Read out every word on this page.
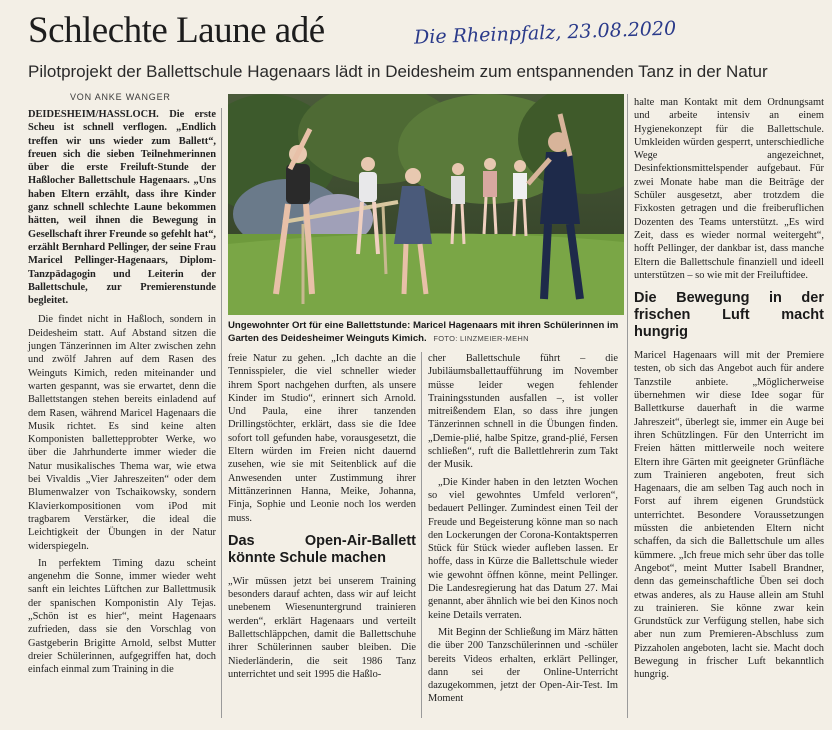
Schlechte Laune adé	Die Rheinpfalz, 23.08.2020
Pilotprojekt der Ballettschule Hagenaars lädt in Deidesheim zum entspannenden Tanz in der Natur
VON ANKE WANGER

DEIDESHEIM/HASSLOCH. Die erste Scheu ist schnell verflogen. „Endlich treffen wir uns wieder zum Ballett“, freuen sich die sieben Teilnehmerinnen über die erste Freiluft-Stunde der Haßlocher Ballettschule Hagenaars. „Uns haben Eltern erzählt, dass ihre Kinder ganz schnell schlechte Laune bekommen hätten, weil ihnen die Bewegung in Gesellschaft ihrer Freunde so gefehlt hat“, erzählt Bernhard Pellinger, der seine Frau Maricel Pellinger-Hagenaars, Diplom-Tanzpädagogin und Leiterin der Ballettschule, zur Premierenstunde begleitet.

Die findet nicht in Haßloch, sondern in Deidesheim statt. Auf Abstand sitzen die jungen Tänzerinnen im Alter zwischen zehn und zwölf Jahren auf dem Rasen des Weinguts Kimich, reden miteinander und warten gespannt, was sie erwartet, denn die Ballettstangen stehen bereits einladend auf dem Rasen, während Maricel Hagenaars die Musik richtet. Es sind keine alten Komponisten ballettерprobter Werke, wo über die Jahrhunderte immer wieder die Natur musikalisches Thema war, wie etwa bei Vivaldis „Vier Jahreszeiten“ oder dem Blumenwalzer von Tschaikowsky, sondern Klavierkompositionen vom iPod mit tragbarem Verstärker, die ideal die Leichtigkeit der Übungen in der Natur widerspiegeln.

In perfektem Timing dazu scheint angenehm die Sonne, immer wieder weht sanft ein leichtes Lüftchen zur Ballettmusik der spanischen Komponistin Aly Tejas. „Schön ist es hier“, meint Hagenaars zufrieden, dass sie den Vorschlag von Gastgeberin Brigitte Arnold, selbst Mutter dreier Schülerinnen, aufgegriffen hat, doch einfach einmal zum Training in die

Ungewohnter Ort für eine Ballettstunde: Maricel Hagenaars mit ihren Schülerinnen im Garten des Deidesheimer Weinguts Kimich. FOTO: LINZMEIER-MEHN

freie Natur zu gehen. „Ich dachte an die Tennisspieler, die viel schneller wieder ihrem Sport nachgehen durften, als unsere Kinder im Studio“, erinnert sich Arnold. Und Paula, eine ihrer tanzenden Drillingstöchter, erklärt, dass sie die Idee sofort toll gefunden habe, vorausgesetzt, die Eltern würden im Freien nicht dauernd zusehen, wie sie mit Seitenblick auf die Anwesenden unter Zustimmung ihrer Mittänzerinnen Hanna, Meike, Johanna, Finja, Sophie und Leonie noch los werden muss.

Das Open-Air-Ballett könnte Schule machen

„Wir müssen jetzt bei unserem Training besonders darauf achten, dass wir auf leicht unebenem Wiesenuntergrund trainieren werden“, erklärt Hagenaars und verteilt Ballettschläppchen, damit die Ballettschuhe ihrer Schülerinnen sauber bleiben. Die Niederländerin, die seit 1986 Tanz unterrichtet und seit 1995 die Haßlo-

cher Ballettschule führt – die Jubiläumsballettaufführung im November müsse leider wegen fehlender Trainingsstunden ausfallen –, ist voller mitreißendem Elan, so dass ihre jungen Tänzerinnen schnell in die Übungen finden. „Demie-plié, halbe Spitze, grand-plié, Fersen schließen“, ruft die Ballettlehrerin zum Takt der Musik.

„Die Kinder haben in den letzten Wochen so viel gewohntes Umfeld verloren“, bedauert Pellinger. Zumindest einen Teil der Freude und Begeisterung könne man so nach den Lockerungen der Corona-Kontaktsperren Stück für Stück wieder aufleben lassen. Er hoffe, dass in Kürze die Ballettschule wieder wie gewohnt öffnen könne, meint Pellinger. Die Landesregierung hat das Datum 27. Mai genannt, aber ähnlich wie bei den Kinos noch keine Details verraten.

Mit Beginn der Schließung im März hätten die über 200 Tanzschülerinnen und -schüler bereits Videos erhalten, erklärt Pellinger, dann sei der Online-Unterricht dazugekommen, jetzt der Open-Air-Test. Im Moment

halte man Kontakt mit dem Ordnungsamt und arbeite intensiv an einem Hygienekonzept für die Ballettschule. Umkleiden würden gesperrt, unterschiedliche Wege angezeichnet, Desinfektionsmittelspender aufgebaut. Für zwei Monate habe man die Beiträge der Schüler ausgesetzt, aber trotzdem die Fixkosten getragen und die freiberuflichen Dozenten des Teams unterstützt. „Es wird Zeit, dass es wieder normal weitergeht“, hofft Pellinger, der dankbar ist, dass manche Eltern die Ballettschule finanziell und ideell unterstützen – so wie mit der Freiluftidee.

Die Bewegung in der frischen Luft macht hungrig

Maricel Hagenaars will mit der Premiere testen, ob sich das Angebot auch für andere Tanzstile anbiete. „Möglicherweise übernehmen wir diese Idee sogar für Ballettkurse dauerhaft in die warme Jahreszeit“, überlegt sie, immer ein Auge bei ihren Schützlingen. Für den Unterricht im Freien hätten mittlerweile noch weitere Eltern ihre Gärten mit geeigneter Grünfläche zum Trainieren angeboten, freut sich Hagenaars, die am selben Tag auch noch in Forst auf ihrem eigenen Grundstück unterrichtet. Besondere Voraussetzungen müssten die anbietenden Eltern nicht schaffen, da sich die Ballettschule um alles kümmere. „Ich freue mich sehr über das tolle Angebot“, meint Mutter Isabell Brandner, denn das gemeinschaftliche Üben sei doch etwas anderes, als zu Hause allein am Stuhl zu trainieren. Sie könne zwar kein Grundstück zur Verfügung stellen, habe sich aber nun zum Premieren-Abschluss zum Pizzaholen angeboten, lacht sie. Macht doch Bewegung in frischer Luft bekanntlich hungrig.
